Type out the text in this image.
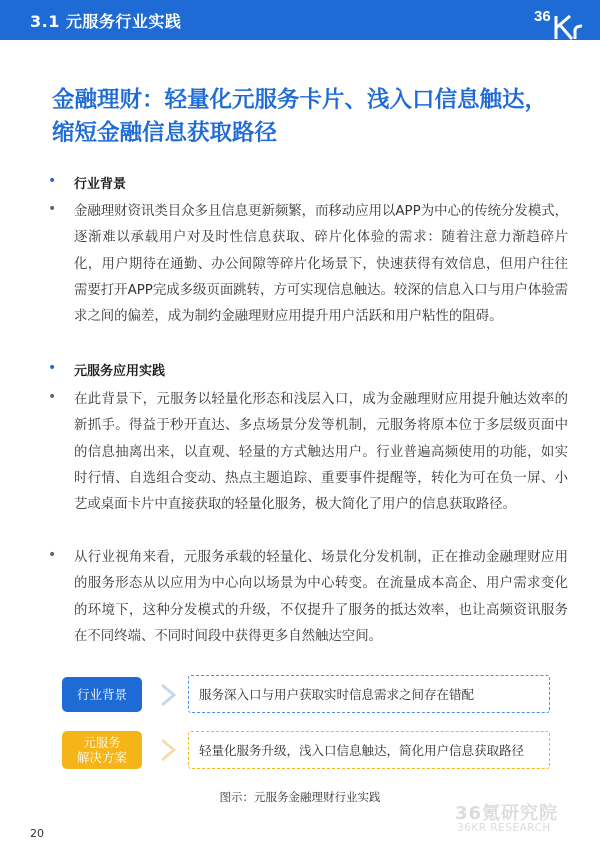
3.1 元服务行业实践	36
金融理财：轻量化元服务卡片、浅入口信息触达，缩短金融信息获取路径
• 行业背景
• 金融理财资讯类目众多且信息更新频繁，而移动应用以APP为中心的传统分发模式，逐渐难以承载用户对及时性信息获取、碎片化体验的需求：随着注意力渐趋碎片化，用户期待在通勤、办公间隙等碎片化场景下，快速获得有效信息，但用户往往需要打开APP完成多级页面跳转，方可实现信息触达。较深的信息入口与用户体验需求之间的偏差，成为制约金融理财应用提升用户活跃和用户粘性的阻碍。
• 元服务应用实践
• 在此背景下，元服务以轻量化形态和浅层入口，成为金融理财应用提升触达效率的新抓手。得益于秒开直达、多点场景分发等机制，元服务将原本位于多层级页面中的信息抽离出来，以直观、轻量的方式触达用户。行业普遍高频使用的功能，如实时行情、自选组合变动、热点主题追踪、重要事件提醒等，转化为可在负一屏、小艺或桌面卡片中直接获取的轻量化服务，极大简化了用户的信息获取路径。
• 从行业视角来看，元服务承载的轻量化、场景化分发机制，正在推动金融理财应用的服务形态从以应用为中心向以场景为中心转变。在流量成本高企、用户需求变化的环境下，这种分发模式的升级，不仅提升了服务的抵达效率，也让高频资讯服务在不同终端、不同时间段中获得更多自然触达空间。
行业背景	服务深入口与用户获取实时信息需求之间存在错配
元服务
解决方案	轻量化服务升级，浅入口信息触达，简化用户信息获取路径
图示：元服务金融理财行业实践
20
36氪研究院
36KR RESEARCH
